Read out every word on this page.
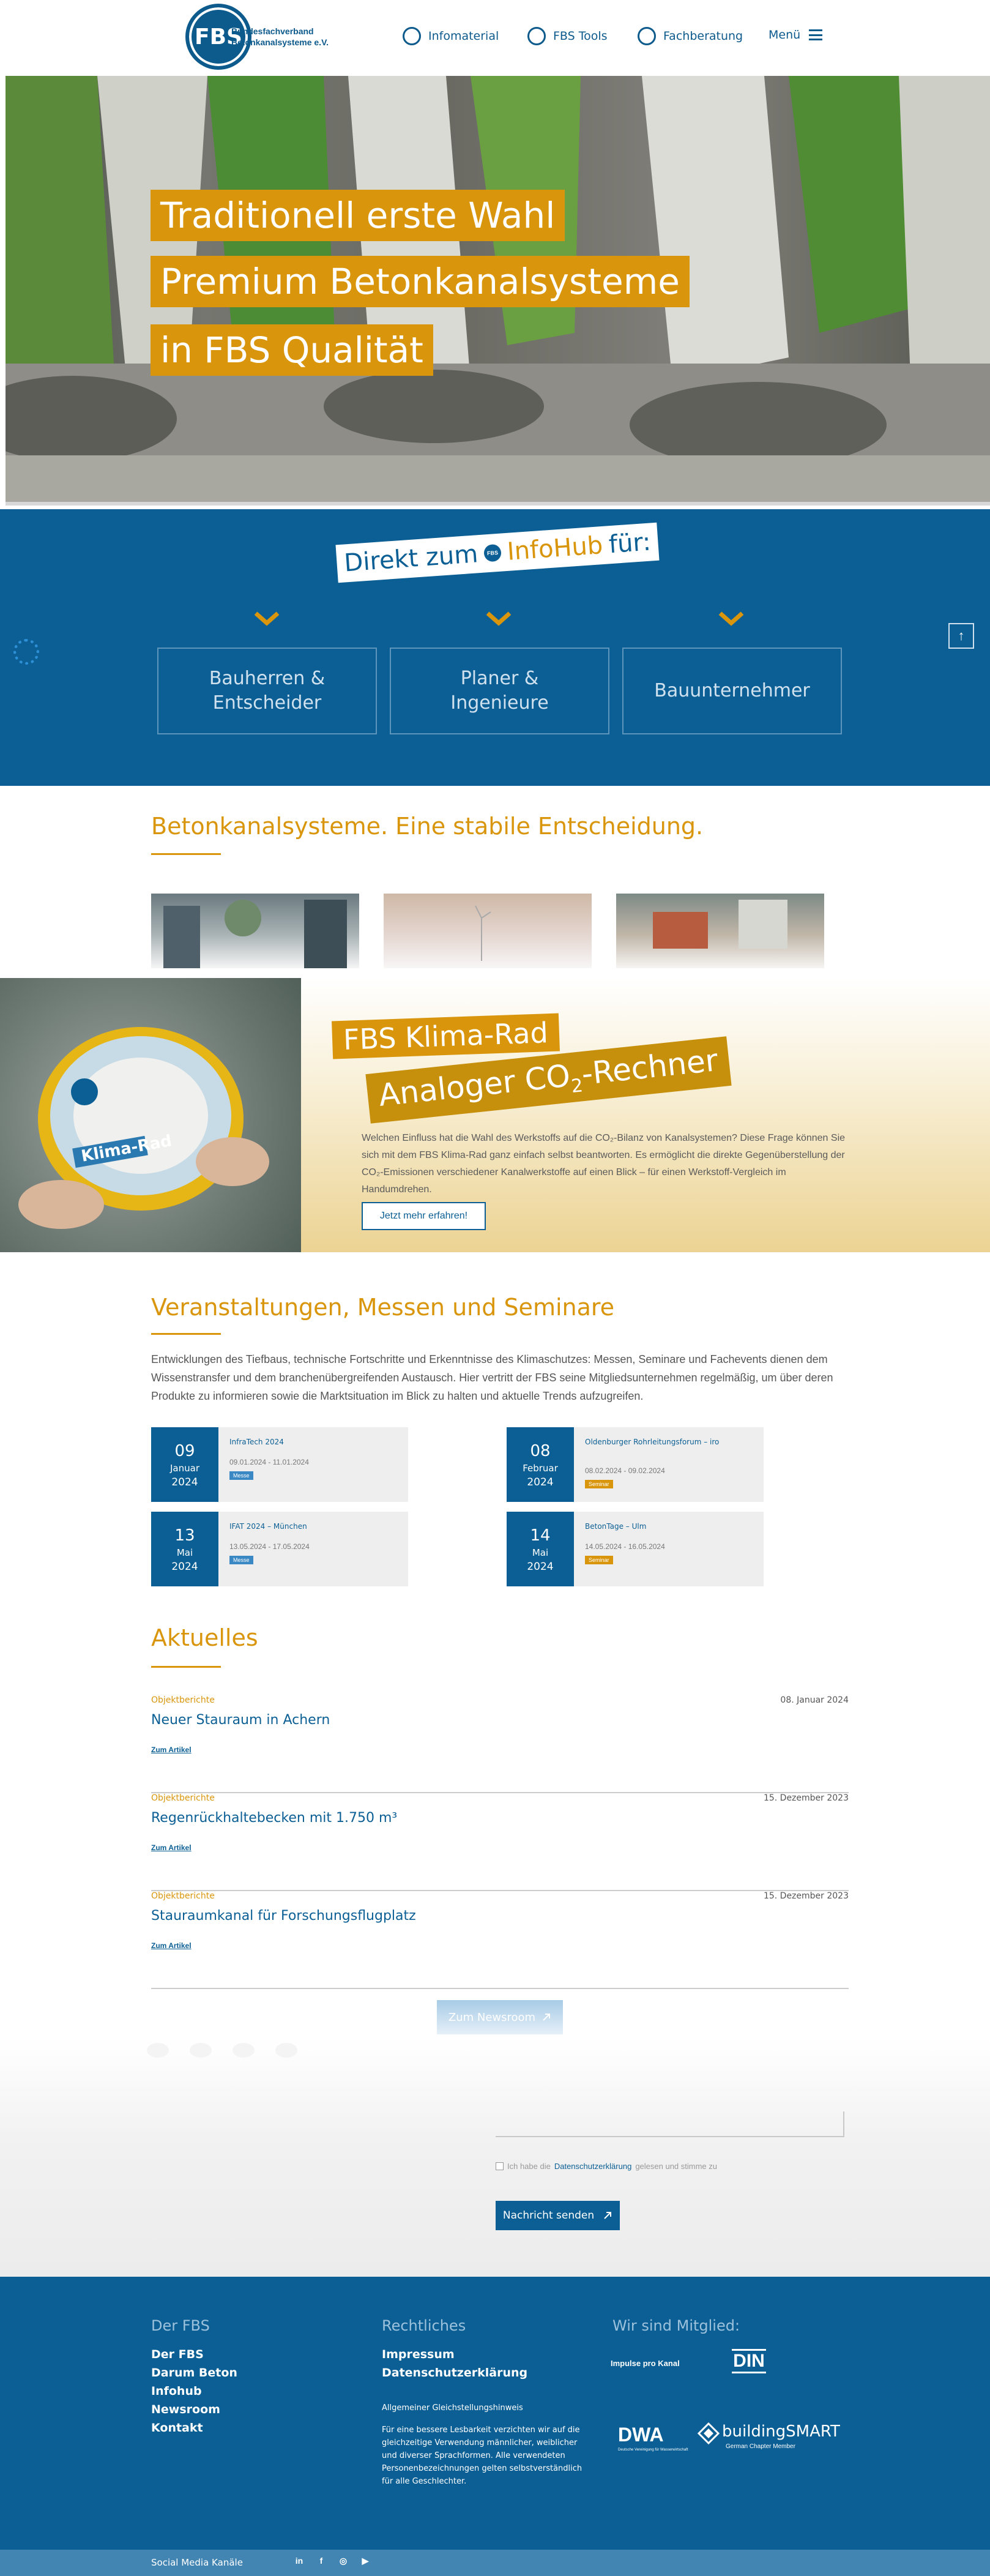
FBS
Bundesfachverband
Betonkanalsysteme e.V.	Infomaterial	FBS Tools	Fachberatung Menü
Traditionell erste Wahl
Premium Betonkanalsysteme
in FBS Qualität
Direkt zum	FBS InfoHub für:
Bauherren &
Entscheider
Planer &
Ingenieure
Bauunternehmer
↑
Betonkanalsysteme. Eine stabile Entscheidung.
Klima-Rad
FBS Klima-Rad
Analoger $CO_2$-Rechner
Welchen Einfluss hat die Wahl des Werkstoffs auf die CO₂-Bilanz von Kanalsystemen? Diese Frage können Sie sich mit dem FBS Klima-Rad ganz einfach selbst beantworten. Es ermöglicht die direkte Gegenüberstellung der CO₂-Emissionen verschiedener Kanalwerkstoffe auf einen Blick – für einen Werkstoff-Vergleich im Handumdrehen.
Jetzt mehr erfahren!
Veranstaltungen, Messen und Seminare
Entwicklungen des Tiefbaus, technische Fortschritte und Erkenntnisse des Klimaschutzes: Messen, Seminare und Fachevents dienen dem Wissenstransfer und dem branchenübergreifenden Austausch. Hier vertritt der FBS seine Mitgliedsunternehmen regelmäßig, um über deren Produkte zu informieren sowie die Marktsituation im Blick zu halten und aktuelle Trends aufzugreifen.
09
Januar
2024
InfraTech 2024
09.01.2024 - 11.01.2024
Messe
08
Februar
2024
Oldenburger Rohrleitungsforum – iro
08.02.2024 - 09.02.2024
Seminar
13
Mai
2024
IFAT 2024 – München
13.05.2024 - 17.05.2024
Messe
14
Mai
2024
BetonTage – Ulm
14.05.2024 - 16.05.2024
Seminar
Aktuelles
Objektberichte	08. Januar 2024
Neuer Stauraum in Achern
Zum Artikel
Objektberichte	15. Dezember 2023
Regenrückhaltebecken mit 1.750 m³
Zum Artikel
Objektberichte	15. Dezember 2023
Stauraumkanal für Forschungsflugplatz
Zum Artikel
Ich habe die Datenschutzerklärung gelesen und stimme zu
Nachricht senden
Zum Newsroom
Der FBS
Der FBS
Darum Beton
Infohub
Newsroom
Kontakt
Rechtliches
Impressum
Datenschutzerklärung
Allgemeiner Gleichstellungshinweis
Für eine bessere Lesbarkeit verzichten wir auf die
gleichzeitige Verwendung männlicher, weiblicher
und diverser Sprachformen. Alle verwendeten
Personenbezeichnungen gelten selbstverständlich
für alle Geschlechter.
Wir sind Mitglied:
Impulse pro Kanal	DIN
DWA
Deutsche Vereinigung für Wasserwirtschaft
buildingSMART
German Chapter Member
Social Media Kanäle	in	f	◎ ▶
